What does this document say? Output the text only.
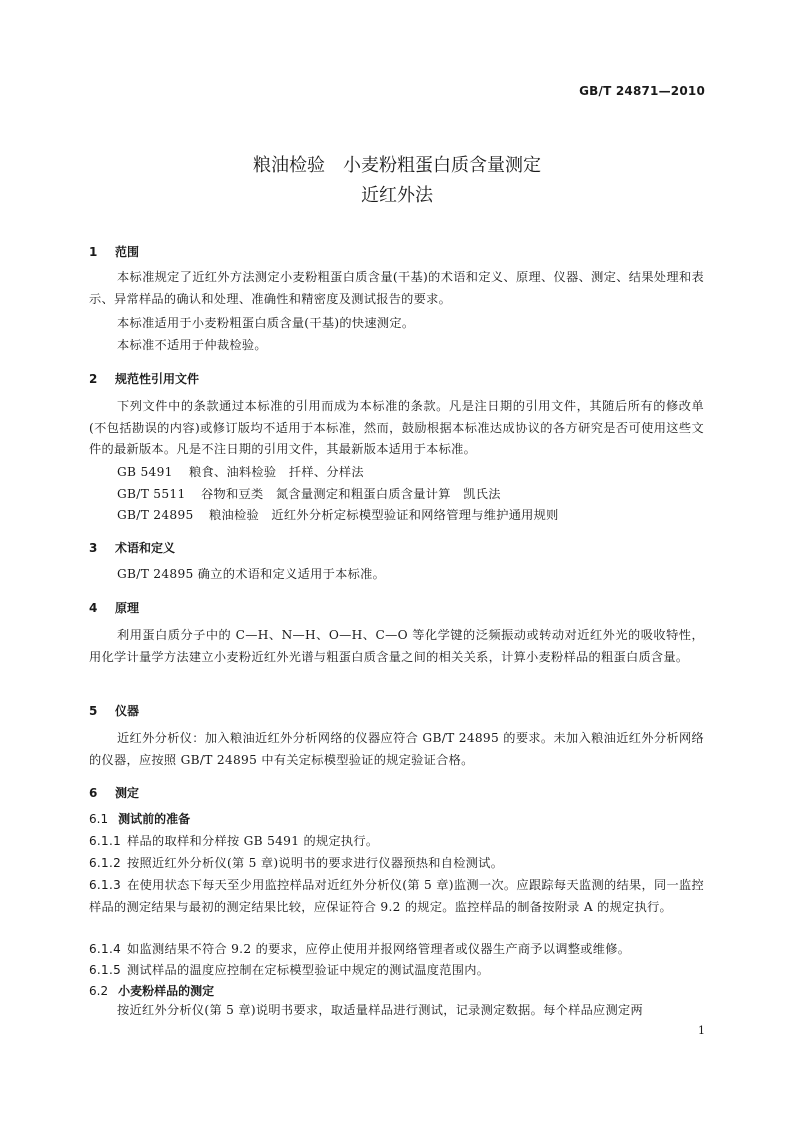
GB/T 24871—2010
粮油检验　小麦粉粗蛋白质含量测定
近红外法
1 范围
本标准规定了近红外方法测定小麦粉粗蛋白质含量(干基)的术语和定义、原理、仪器、测定、结果处理和表示、异常样品的确认和处理、准确性和精密度及测试报告的要求。
本标准适用于小麦粉粗蛋白质含量(干基)的快速测定。
本标准不适用于仲裁检验。
2 规范性引用文件
下列文件中的条款通过本标准的引用而成为本标准的条款。凡是注日期的引用文件，其随后所有的修改单(不包括勘误的内容)或修订版均不适用于本标准，然而，鼓励根据本标准达成协议的各方研究是否可使用这些文件的最新版本。凡是不注日期的引用文件，其最新版本适用于本标准。
GB 5491 粮食、油料检验　扦样、分样法
GB/T 5511 谷物和豆类　氮含量测定和粗蛋白质含量计算　凯氏法
GB/T 24895 粮油检验　近红外分析定标模型验证和网络管理与维护通用规则
3 术语和定义
GB/T 24895 确立的术语和定义适用于本标准。
4 原理
利用蛋白质分子中的 C—H、N—H、O—H、C—O 等化学键的泛频振动或转动对近红外光的吸收特性，用化学计量学方法建立小麦粉近红外光谱与粗蛋白质含量之间的相关关系，计算小麦粉样品的粗蛋白质含量。
5 仪器
近红外分析仪：加入粮油近红外分析网络的仪器应符合 GB/T 24895 的要求。未加入粮油近红外分析网络的仪器，应按照 GB/T 24895 中有关定标模型验证的规定验证合格。
6 测定
6.1 测试前的准备
6.1.1 样品的取样和分样按 GB 5491 的规定执行。
6.1.2 按照近红外分析仪(第 5 章)说明书的要求进行仪器预热和自检测试。
6.1.3 在使用状态下每天至少用监控样品对近红外分析仪(第 5 章)监测一次。应跟踪每天监测的结果，同一监控样品的测定结果与最初的测定结果比较，应保证符合 9.2 的规定。监控样品的制备按附录 A 的规定执行。
6.1.4 如监测结果不符合 9.2 的要求，应停止使用并报网络管理者或仪器生产商予以调整或维修。
6.1.5 测试样品的温度应控制在定标模型验证中规定的测试温度范围内。
6.2 小麦粉样品的测定
按近红外分析仪(第 5 章)说明书要求，取适量样品进行测试，记录测定数据。每个样品应测定两
1
